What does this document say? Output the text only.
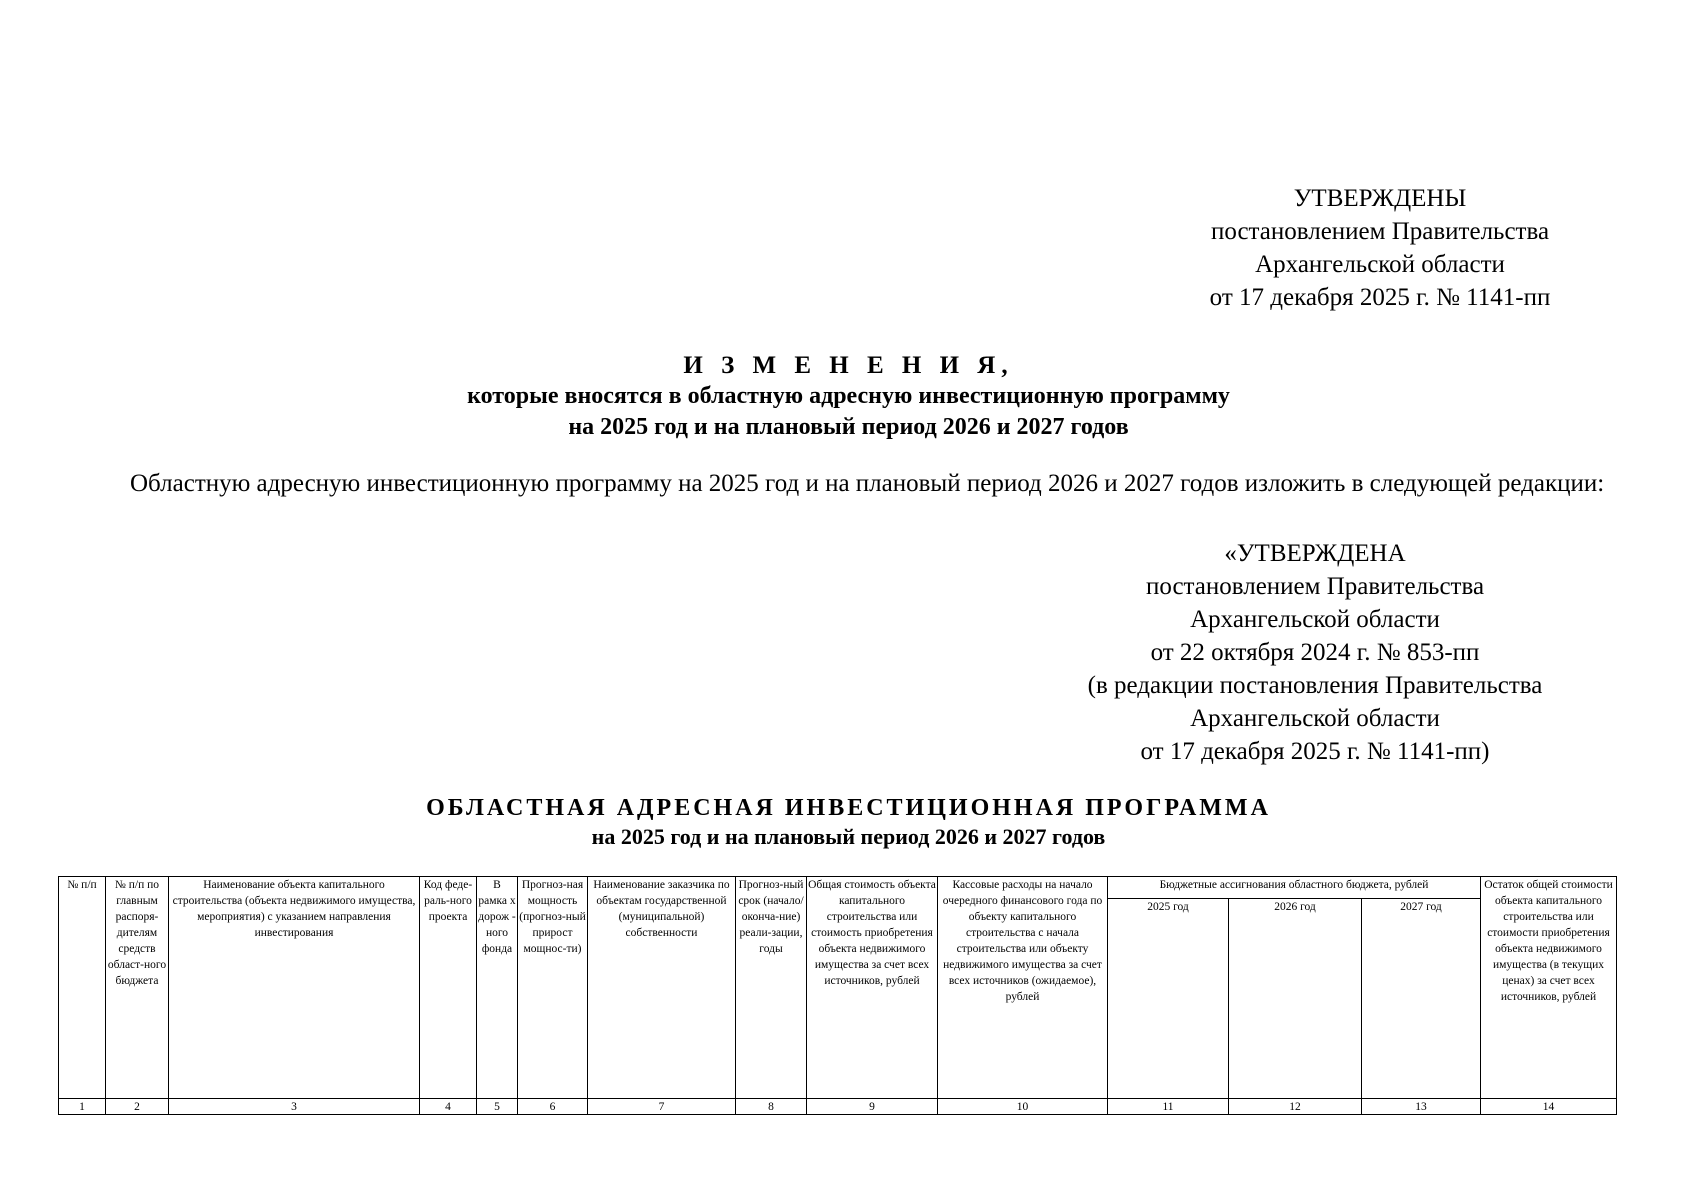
УТВЕРЖДЕНЫ
постановлением Правительства
Архангельской области
от 17 декабря 2025 г. № 1141-пп
И З М Е Н Е Н И Я,
которые вносятся в областную адресную инвестиционную программу
на 2025 год и на плановый период 2026 и 2027 годов
Областную адресную инвестиционную программу на 2025 год и на плановый период 2026 и 2027 годов изложить в следующей редакции:
«УТВЕРЖДЕНА
постановлением Правительства
Архангельской области
от 22 октября 2024 г. № 853-пп
(в редакции постановления Правительства
Архангельской области
от 17 декабря 2025 г. № 1141-пп)
ОБЛАСТНАЯ АДРЕСНАЯ ИНВЕСТИЦИОННАЯ ПРОГРАММА
на 2025 год и на плановый период 2026 и 2027 годов
№ п/п	№ п/п по главным распоря-дителям средств област-ного бюджета	Наименование объекта капитального строительства (объекта недвижимого имущества, мероприятия) с указанием направления инвестирования	Код феде-раль-ного проекта	В рамка х дорож - ного фонда	Прогноз-ная мощность (прогноз-ный прирост мощнос-ти)	Наименование заказчика по объектам государственной (муниципальной) собственности	Прогноз-ный срок (начало/ оконча-ние) реали-зации, годы	Общая стоимость объекта капитального строительства или стоимость приобретения объекта недвижимого имущества за счет всех источников, рублей	Кассовые расходы на начало очередного финансового года по объекту капитального строительства с начала строительства или объекту недвижимого имущества за счет всех источников (ожидаемое), рублей	Бюджетные ассигнования областного бюджета, рублей			Остаток общей стоимости объекта капитального строительства или стоимости приобретения объекта недвижимого имущества (в текущих ценах) за счет всех источников, рублей
										2025 год	2026 год	2027 год	
1	2	3	4	5	6	7	8	9	10	11	12	13	14
